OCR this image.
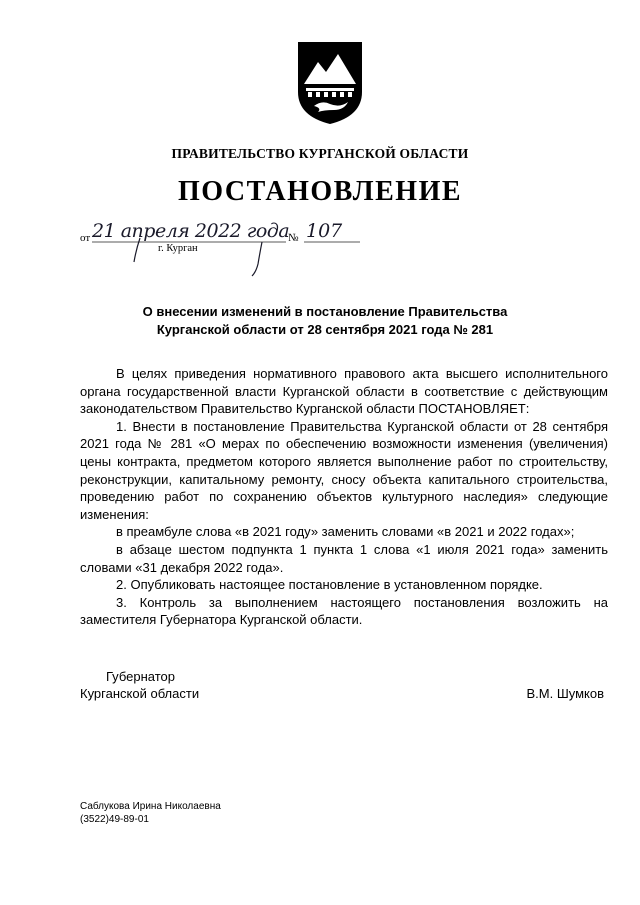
ПРАВИТЕЛЬСТВО КУРГАНСКОЙ ОБЛАСТИ
ПОСТАНОВЛЕНИЕ
от 21 апреля 2022 года
№ 107
г. Курган
О внесении изменений в постановление Правительства
Курганской области от 28 сентября 2021 года № 281

В целях приведения нормативного правового акта высшего исполнительного органа государственной власти Курганской области в соответствие с действующим законодательством Правительство Курганской области ПОСТАНОВЛЯЕТ:

1. Внести в постановление Правительства Курганской области от 28 сентября 2021 года № 281 «О мерах по обеспечению возможности изменения (увеличения) цены контракта, предметом которого является выполнение работ по строительству, реконструкции, капитальному ремонту, сносу объекта капитального строительства, проведению работ по сохранению объектов культурного наследия» следующие изменения:

в преамбуле слова «в 2021 году» заменить словами «в 2021 и 2022 годах»;

в абзаце шестом подпункта 1 пункта 1 слова «1 июля 2021 года» заменить словами «31 декабря 2022 года».

2. Опубликовать настоящее постановление в установленном порядке.

3. Контроль за выполнением настоящего постановления возложить на заместителя Губернатора Курганской области.

Губернатор
Курганской области	В.М. Шумков
Саблукова Ирина Николаевна
(3522)49-89-01
